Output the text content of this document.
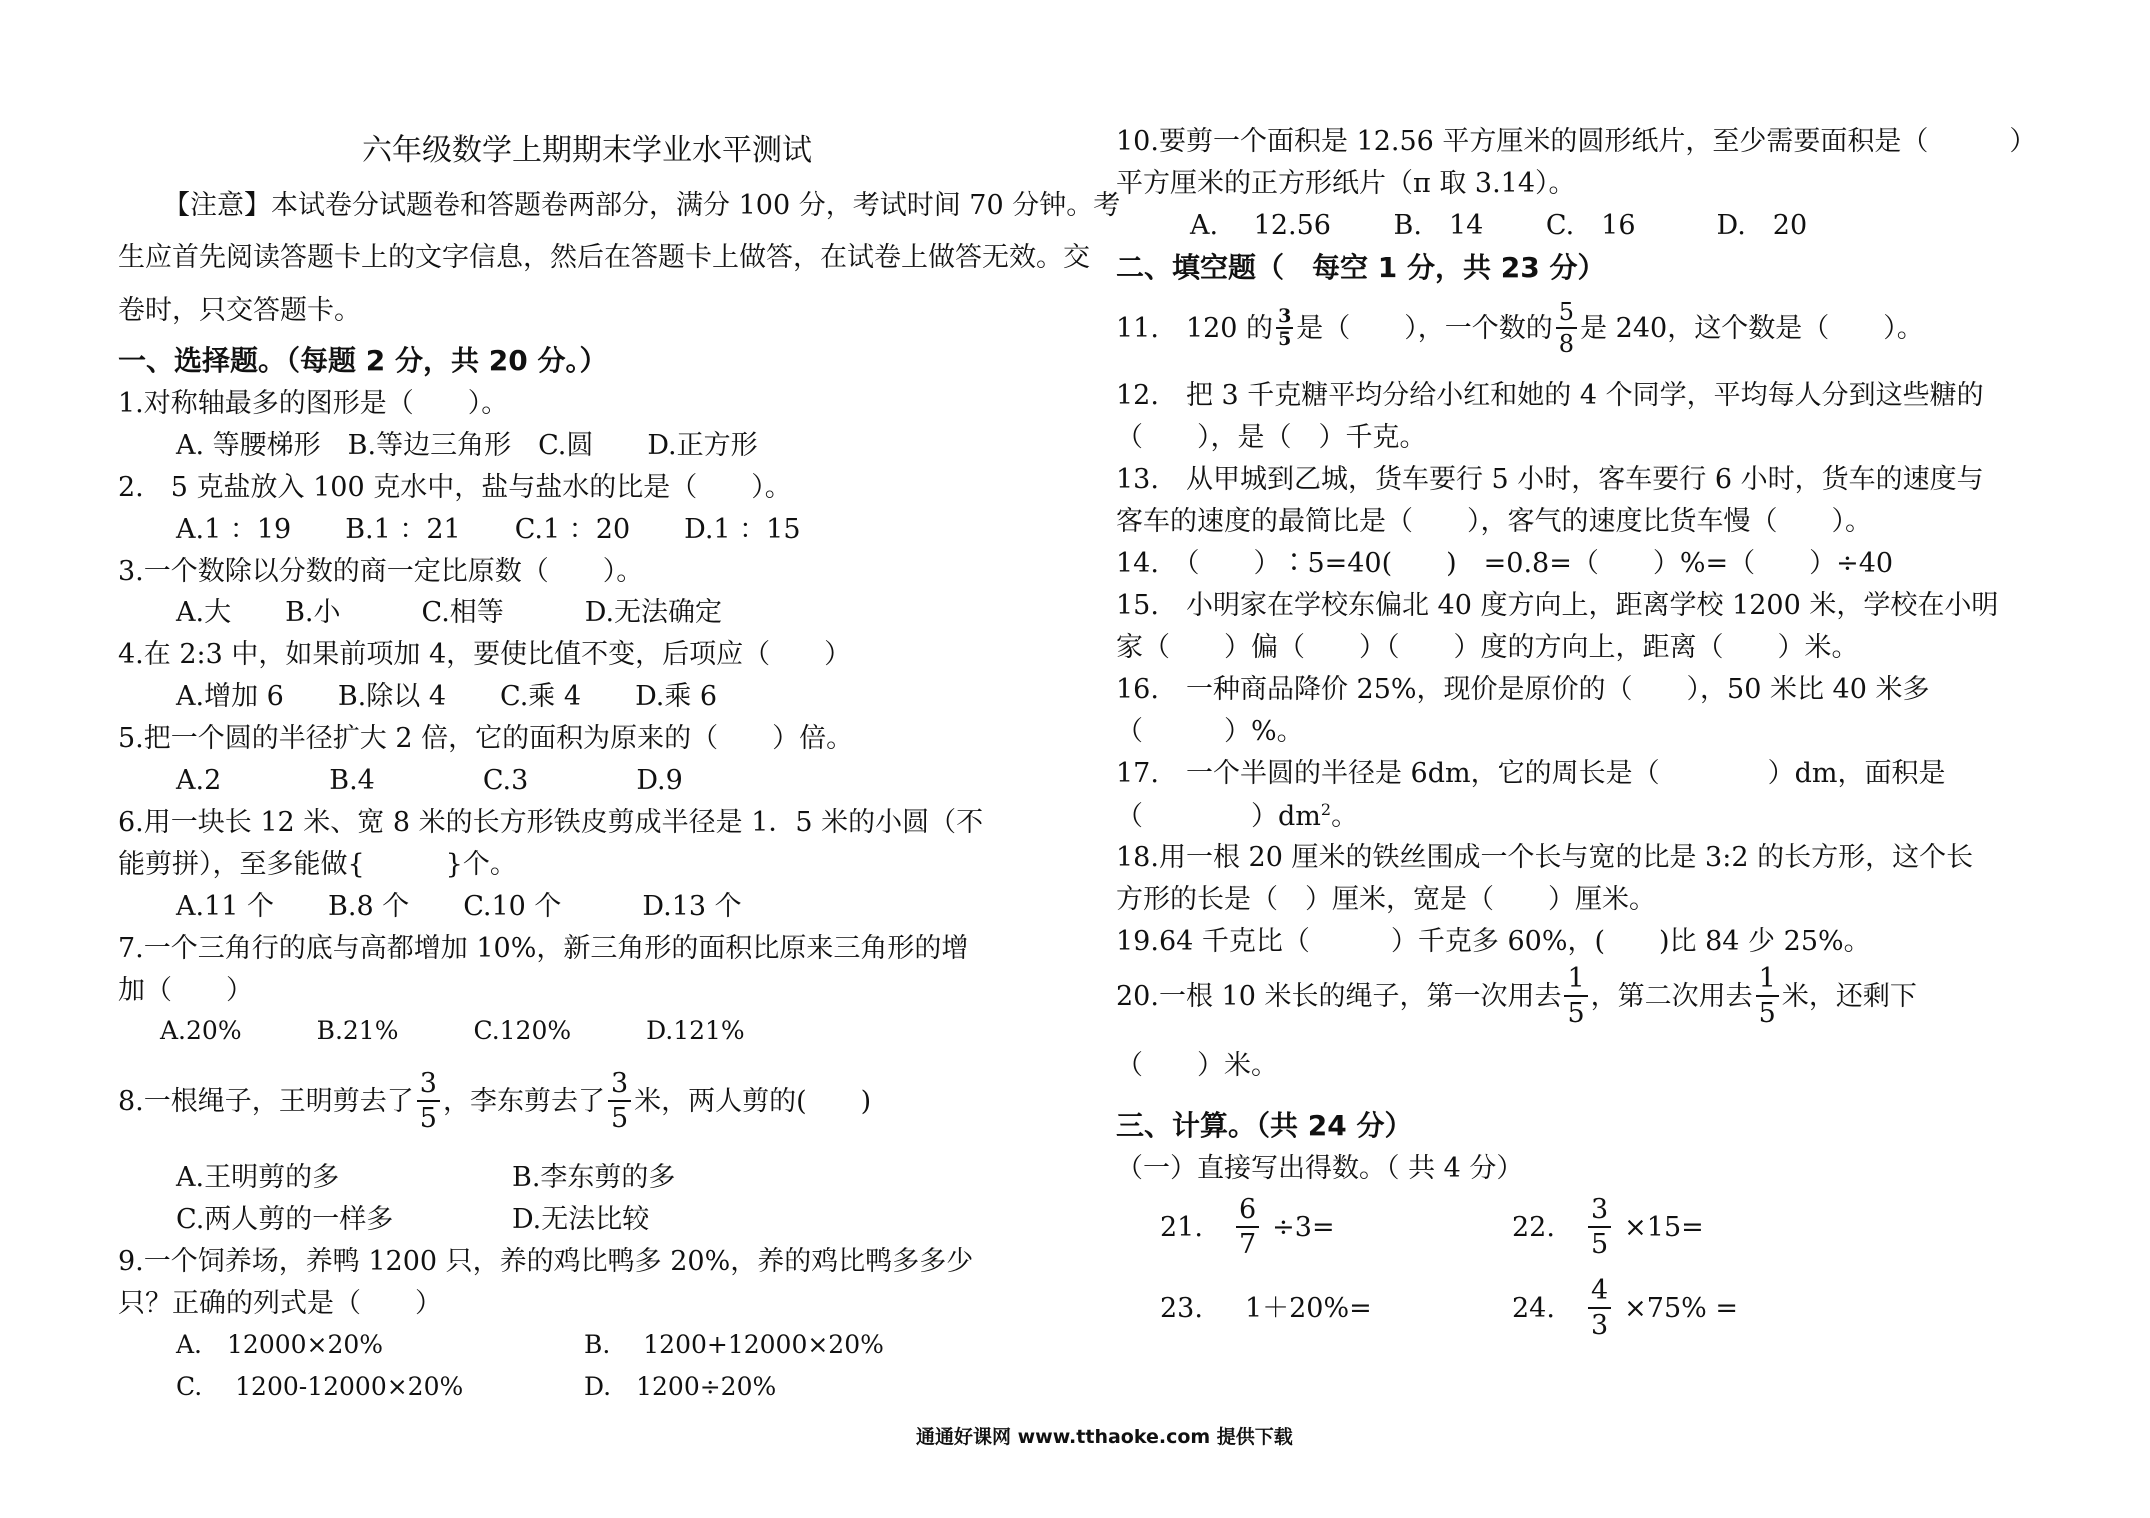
六年级数学上期期末学业水平测试
【注意】本试卷分试题卷和答题卷两部分，满分 100 分，考试时间 70 分钟。考
生应首先阅读答题卡上的文字信息，然后在答题卡上做答，在试卷上做答无效。交
卷时，只交答题卡。
一、选择题。（每题 2 分，共 20 分。）
1.对称轴最多的图形是（　　）。
A. 等腰梯形　B.等边三角形　C.圆　　D.正方形
2.　5 克盐放入 100 克水中，盐与盐水的比是（　　）。
A.1 ：19　　B.1 ：21　　C.1 ：20　　D.1 ：15
3.一个数除以分数的商一定比原数（　　）。
A.大　　B.小　　　C.相等　　　D.无法确定
4.在 2:3 中，如果前项加 4，要使比值不变，后项应（　　）
A.增加 6　　B.除以 4　　C.乘 4　　D.乘 6
5.把一个圆的半径扩大 2 倍，它的面积为原来的（　　）倍。
A.2　　　　B.4　　　　C.3　　　　D.9
6.用一块长 12 米、宽 8 米的长方形铁皮剪成半径是 1．5 米的小圆（不
能剪拼），至多能做{　　　}个。
A.11 个　　B.8 个　　C.10 个　　　D.13 个
7.一个三角行的底与高都增加 10%，新三角形的面积比原来三角形的增
加（　　）
A.20%　　　B.21%　　　C.120%　　　D.121%
8.一根绳子，王明剪去了 $\frac{3}{5}$ ，李东剪去了 $\frac{3}{5}$ 米，两人剪的(　　)
A.王明剪的多	B.李东剪的多
C.两人剪的一样多	D.无法比较
9.一个饲养场，养鸭 1200 只，养的鸡比鸭多 20%，养的鸡比鸭多多少
只？正确的列式是（　　）
A.　12000×20%	B.　 1200+12000×20%
C.　 1200-12000×20%	D.　1200÷20%
10.要剪一个面积是 12.56 平方厘米的圆形纸片，至少需要面积是（　　　）
平方厘米的正方形纸片（π 取 3.14）。
A.　 12.56　　 B.　14　　 C.　16　　　D.　20
二、填空题（　每空 1 分，共 23 分）
11.　120 的 $\frac{3}{5}$ 是（　　），一个数的 $\frac{5}{8}$ 是 240，这个数是（　　）。
12.　把 3 千克糖平均分给小红和她的 4 个同学，平均每人分到这些糖的
（　　），是（　）千克。
13.　从甲城到乙城，货车要行 5 小时，客车要行 6 小时，货车的速度与
客车的速度的最简比是（　　），客气的速度比货车慢（　　）。
14.　（　　）∶5=40(　　)　=0.8=（　　）%=（　　）÷40
15.　小明家在学校东偏北 40 度方向上，距离学校 1200 米，学校在小明
家（　　）偏（　　）（　　）度的方向上，距离（　　）米。
16.　一种商品降价 25%，现价是原价的（　　），50 米比 40 米多
（　　　）%。
17.　一个半圆的半径是 6dm，它的周长是（　　　　）dm，面积是
（　　　　）$dm^2$。
18.用一根 20 厘米的铁丝围成一个长与宽的比是 3:2 的长方形，这个长
方形的长是（　）厘米，宽是（　　）厘米。
19.64 千克比（　　　）千克多 60%，(　　)比 84 少 25%。
20.一根 10 米长的绳子，第一次用去 $\frac{1}{5}$ ，第二次用去 $\frac{1}{5}$ 米，还剩下
（　　）米。
三、计算。（共 24 分）
（一）直接写出得数。（ 共 4 分）
21. $\frac{6}{7} \div 3=$	22. $\frac{3}{5} \times 15=$
23. 1＋20%=	24. $\frac{4}{3} \times 75\%$ =
通通好课网 www.tthaoke.com 提供下载
